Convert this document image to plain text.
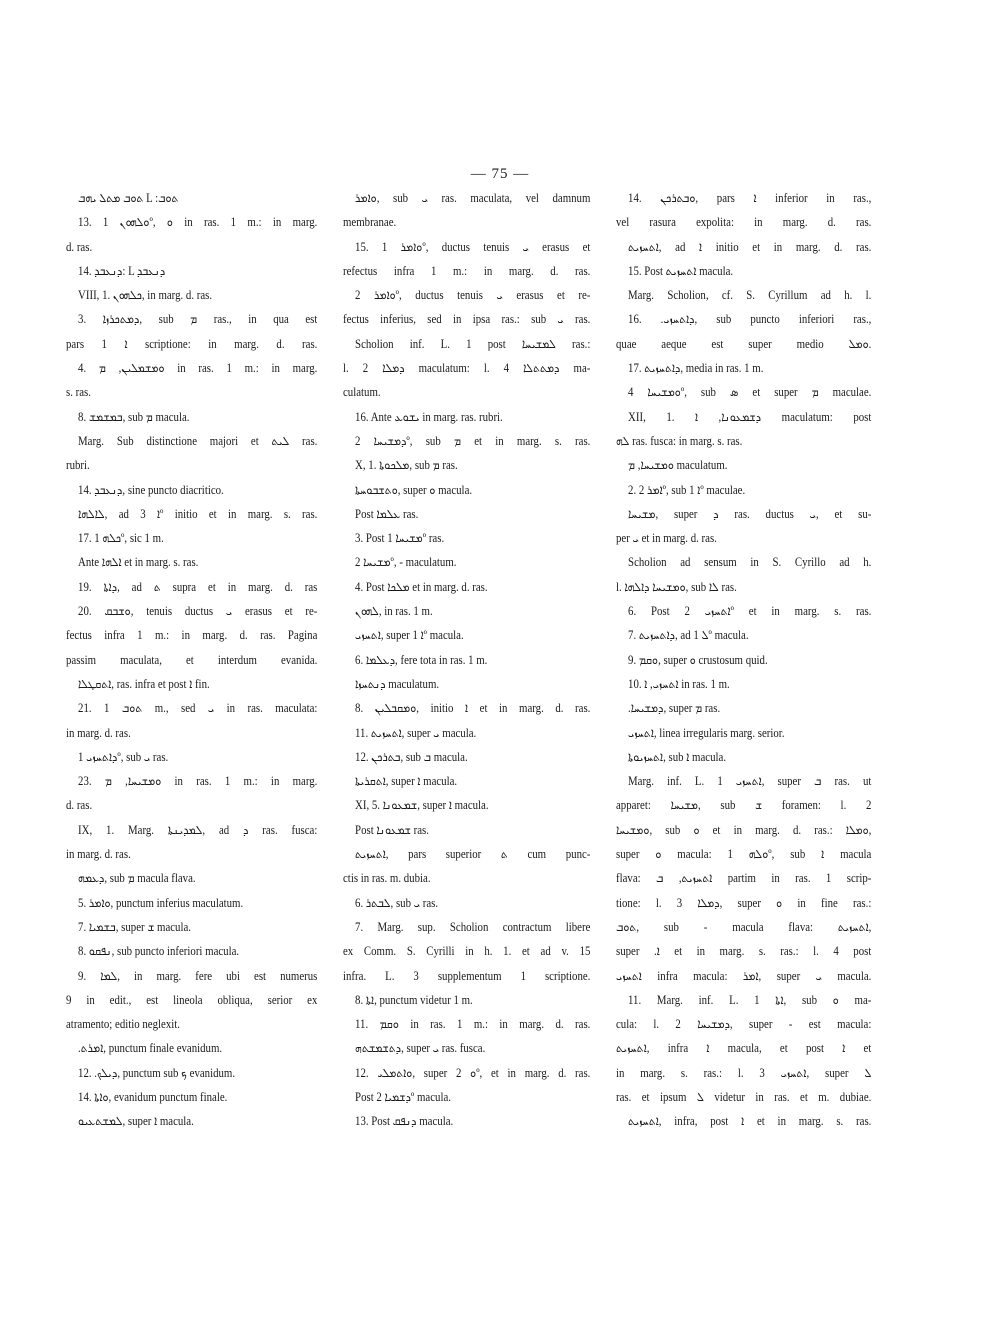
— 75 —
ܬܘܒ ܡܬܠ ܝܗܒ L :ܬܘܒ
13. ܘܠܗܘܢ 1º, ܘ in ras. 1 m.: in marg.
d. ras.
14. ܕܢܥܒܕ: L ܕܢܥܒܕ
VIII, 1. ܟܠܗܘܢ, in marg. d. ras.
3. ܕܡܬܟܪܙܐ, sub ܡ ras., in qua est
pars ܐ 1 scriptione: in marg. d. ras.
4. ܘܡܫܡܠܝܢ, ܡ in ras. 1 m.: in marg.
s. ras.
8. ܒܡܫܡܫ, sub ܡ macula.
Marg. Sub distinctione majori et ܠܝܬ ras.
rubri.
14. ܕܢܥܒܕ, sine puncto diacritico.
ܠܐܠܗܐ, ad ܐ 3º initio et in marg. s. ras.
17. ܟܠܗ 1º, sic 1 m.
Ante ܐܠܗܐ et in marg. s. ras.
19. ܕܐܬܐ, ad ܬ supra et in marg. d. ras
20. ܘܫܒܩ, tenuis ductus ܝ erasus et re-
fectus infra 1 m.: in marg. d. ras. Pagina
passim maculata, et interdum evanida.
ܐܬܩܛܠܐ, ras. infra et post ܐ fin.
21. ܬܘܒ 1 m., sed ܝ in ras. maculata:
in marg. d. ras.
ܕܐܬܚܙܝ 1º, sub ܝ ras.
23. ܘܡܫܝܚܐ, ܡ in ras. 1 m.: in marg.
d. ras.
IX, 1. Marg. ܠܡܕܝܢܬܐ, ad ܕ ras. fusca:
in marg. d. ras.
ܕܥܡܗ, sub ܡ macula flava.
5. ܘܐܡܪ, punctum inferius maculatum.
7. ܒܫܡܝܐ, super ܫ macula.
8. ܢܦܩܘ, sub puncto inferiori macula.
9. ܠܡܐ, in marg. fere ubi est numerus
9 in edit., est lineola obliqua, serior ex
atramento; editio neglexit.
.ܐܡܪܬ, punctum finale evanidum.
12. .ܕܝܠܟ, punctum sub ܟ evanidum.
14. ܘܐܬܐ, evanidum punctum finale.
ܠܡܫܬܥܝܘ, super ܐ macula.
ܘܐܡܪ, sub ܝ ras. maculata, vel damnum
membranae.
15. ܘܐܡܪ 1º, ductus tenuis ܝ erasus et
refectus infra 1 m.: in marg. d. ras.
ܘܐܡܪ 2º, ductus tenuis ܝ erasus et re-
fectus inferius, sed in ipsa ras.: sub ܝ ras.
Scholion inf. L. 1 post ܠܡܫܝܚܐ ras.:
l. 2 ܕܡܠܐ maculatum: l. 4 ܕܡܬܬܠܐ ma-
culatum.
16. Ante ܝܫܘܥ in marg. ras. rubri.
ܕܡܫܝܚܐ 2º, sub ܡ et in marg. s. ras.
X, 1. ܡܠܟܘܬܐ, sub ܡ ras.
ܘܬܫܒܘܚܬܐ, super ܘ macula.
Post ܥܠܡܐ ras.
3. Post ܡܫܝܚܐ 1º ras.
ܡܫܝܚܐ 2º, - maculatum.
4. Post ܡܠܟܐ et in marg. d. ras.
ܠܗܘܢ, in ras. 1 m.
ܐܬܚܙܝ, super ܐ 1º macula.
6. ܕܥܠܡܐ, fere tota in ras. 1 m.
ܕܢܬܚܙܐ maculatum.
8. ܘܡܩܒܠܝܢ, initio ܐ et in marg. d. ras.
11. ܐܬܚܙܝܬ, super ܝ macula.
12. ܒܬܪܟܢ, sub ܒ macula.
ܐܬܩܪܝܬܐ, super ܐ macula.
XI, 5. ܫܡܥܘܢܐ, super ܐ macula.
Post ܫܡܥܘܢܐ ras.
ܐܬܚܙܝܬ, pars superior ܬ cum punc-
ctis in ras. m. dubia.
6. ܠܒܬܪ, sub ܝ ras.
7. Marg. sup. Scholion contractum libere
ex Comm. S. Cyrilli in h. 1. et ad v. 15
infra. L. 3 supplementum 1 scriptione.
8. ܐܬܐ, punctum videtur 1 m.
11. ܘܩܡ in ras. 1 m.: in marg. d. ras.
ܕܬܫܡܫܬܗ, super ܝ ras. fusca.
12. ܘܐܬܡܠܝ, super ܘ 2º, et in marg. d. ras.
Post ܕܫܡܝܐ 2º macula.
13. Post ܕܢܦܩ macula.
14. ܘܒܬܪܟܢ, pars ܐ inferior in ras.,
vel rasura expolita: in marg. d. ras.
ܐܬܚܙܝܬ, ad ܐ initio et in marg. d. ras.
15. Post ܐܬܚܙܝܬ macula.
Marg. Scholion, cf. S. Cyrillum ad h. l.
16. .ܕܐܬܚܙܝ, sub puncto inferiori ras.,
quae aeque est super medio ܘܡܠ.
17. ܕܐܬܚܙܝܬ, media in ras. 1 m.
ܘܡܫܝܚܐ 4º, sub ܣ et super ܡ maculae.
XII, 1. ܕܫܡܥܘܢܐ, ܐ maculatum: post
ܠܗ ras. fusca: in marg. s. ras.
ܘܡܫܝܚܐ, ܡ maculatum.
2. ܐܡܪ 2º, sub ܐ 1º maculae.
ܡܫܝܚܐ, super ܕ ras. ductus ܝ, et su-
per ܝ et in marg. d. ras.
Scholion ad sensum in S. Cyrillo ad h.
l. ܘܡܫܝܚܐ ܕܐܠܗܐ, sub ܠܐ ras.
6. Post ܐܬܚܙܝ 2º et in marg. s. ras.
7. ܕܐܬܚܙܝܬ, ad ܠ 1º macula.
9. ܘܩܡ, super ܘ crustosum quid.
10. ܐܬܚܙܝ, ܐ in ras. 1 m.
.ܕܡܫܝܚܐ, super ܡ ras.
ܐܬܚܙܝ, linea irregularis marg. serior.
ܐܬܚܙܝܘܬܐ, sub ܐ macula.
Marg. inf. L. 1 ܐܬܚܙܝ, super ܒ ras. ut
apparet: ܡܫܝܚܐ, sub ܫ foramen: l. 2
ܘܡܫܝܚܐ, sub ܘ et in marg. d. ras.: ܘܡܠܐ,
super ܘ macula: ܘܠܗ 1º, sub ܐ macula
flava: ܐܬܚܙܝܬ, ܒ partim in ras. 1 scrip-
tione: l. 3 ܕܡܠܐ, super ܘ in fine ras.:
ܬܘܒ, sub - macula flava: ܐܬܚܙܝܬ,
super .ܐ et in marg. s. ras.: l. 4 post
ܐܬܚܙܝ infra macula: ܐܡܪ, super ܝ macula.
11. Marg. inf. L. 1 ܐܬܐ, sub ܘ ma-
cula: l. 2 ܕܡܫܝܚܐ, super - est macula:
ܐܬܚܙܝܬ, infra ܐ macula, et post ܐ et
in marg. s. ras.: l. 3 ܐܬܚܙܝ, super ܠ
ras. et ipsum ܠ videtur in ras. et m. dubiae.
ܐܬܚܙܝܬ, infra, post ܐ et in marg. s. ras.
